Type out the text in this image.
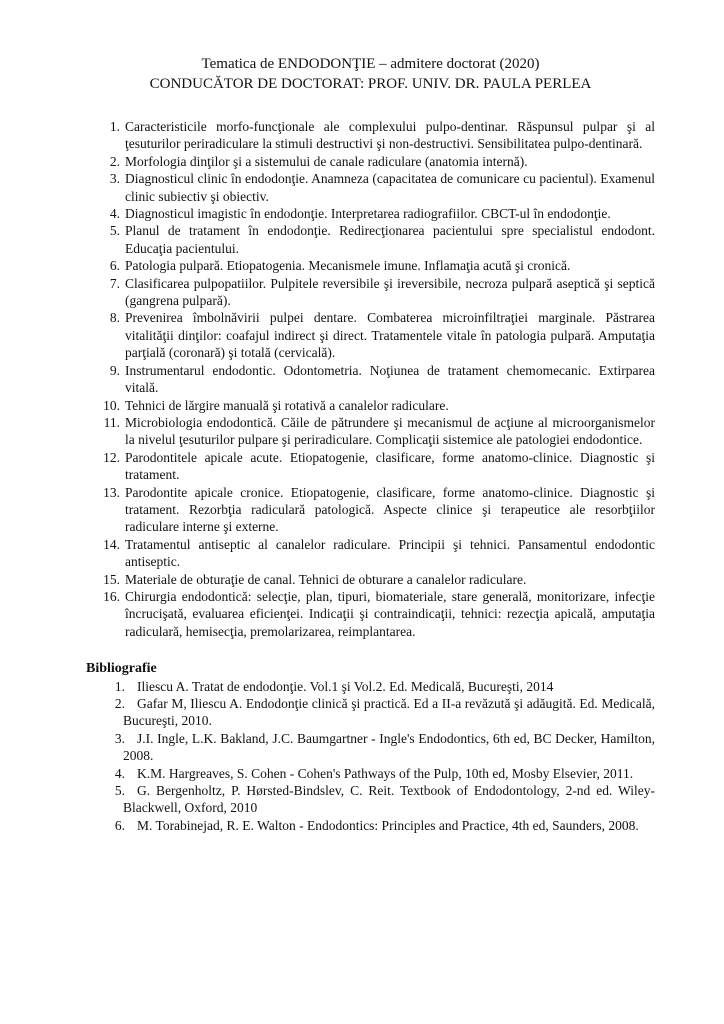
Tematica de ENDODONŢIE – admitere doctorat (2020)
CONDUCĂTOR DE DOCTORAT: PROF. UNIV. DR. PAULA PERLEA
1. Caracteristicile morfo-funcţionale ale complexului pulpo-dentinar. Răspunsul pulpar şi al ţesuturilor periradiculare la stimuli destructivi şi non-destructivi. Sensibilitatea pulpo-dentinară.
2. Morfologia dinţilor şi a sistemului de canale radiculare (anatomia internă).
3. Diagnosticul clinic în endodonţie. Anamneza (capacitatea de comunicare cu pacientul). Examenul clinic subiectiv şi obiectiv.
4. Diagnosticul imagistic în endodonţie. Interpretarea radiografiilor. CBCT-ul în endodonţie.
5. Planul de tratament în endodonţie. Redirecţionarea pacientului spre specialistul endodont. Educaţia pacientului.
6. Patologia pulpară. Etiopatogenia. Mecanismele imune. Inflamaţia acută şi cronică.
7. Clasificarea pulpopatiilor. Pulpitele reversibile şi ireversibile, necroza pulpară aseptică şi septică (gangrena pulpară).
8. Prevenirea îmbolnăvirii pulpei dentare. Combaterea microinfiltraţiei marginale. Păstrarea vitalităţii dinţilor: coafajul indirect şi direct. Tratamentele vitale în patologia pulpară. Amputaţia parţială (coronară) şi totală (cervicală).
9. Instrumentarul endodontic. Odontometria. Noţiunea de tratament chemomecanic. Extirparea vitală.
10. Tehnici de lărgire manuală şi rotativă a canalelor radiculare.
11. Microbiologia endodontică. Căile de pătrundere şi mecanismul de acţiune al microorganismelor la nivelul ţesuturilor pulpare şi periradiculare. Complicaţii sistemice ale patologiei endodontice.
12. Parodontitele apicale acute. Etiopatogenie, clasificare, forme anatomo-clinice. Diagnostic şi tratament.
13. Parodontite apicale cronice. Etiopatogenie, clasificare, forme anatomo-clinice. Diagnostic şi tratament. Rezorbţia radiculară patologică. Aspecte clinice şi terapeutice ale resorbţiilor radiculare interne şi externe.
14. Tratamentul antiseptic al canalelor radiculare. Principii şi tehnici. Pansamentul endodontic antiseptic.
15. Materiale de obturaţie de canal. Tehnici de obturare a canalelor radiculare.
16. Chirurgia endodontică: selecţie, plan, tipuri, biomateriale, stare generală, monitorizare, infecţie încrucişată, evaluarea eficienţei. Indicaţii şi contraindicaţii, tehnici: rezecţia apicală, amputaţia radiculară, hemisecţia, premolarizarea, reimplantarea.
Bibliografie
1. Iliescu A. Tratat de endodonţie. Vol.1 şi Vol.2. Ed. Medicală, Bucureşti, 2014
2. Gafar M, Iliescu A. Endodonţie clinică şi practică. Ed a II-a revăzută şi adăugită. Ed. Medicală, Bucureşti, 2010.
3. J.I. Ingle, L.K. Bakland, J.C. Baumgartner - Ingle's Endodontics, 6th ed, BC Decker, Hamilton, 2008.
4. K.M. Hargreaves, S. Cohen - Cohen's Pathways of the Pulp, 10th ed, Mosby Elsevier, 2011.
5. G. Bergenholtz, P. Hørsted-Bindslev, C. Reit. Textbook of Endodontology, 2-nd ed. Wiley-Blackwell, Oxford, 2010
6. M. Torabinejad, R. E. Walton - Endodontics: Principles and Practice, 4th ed, Saunders, 2008.
